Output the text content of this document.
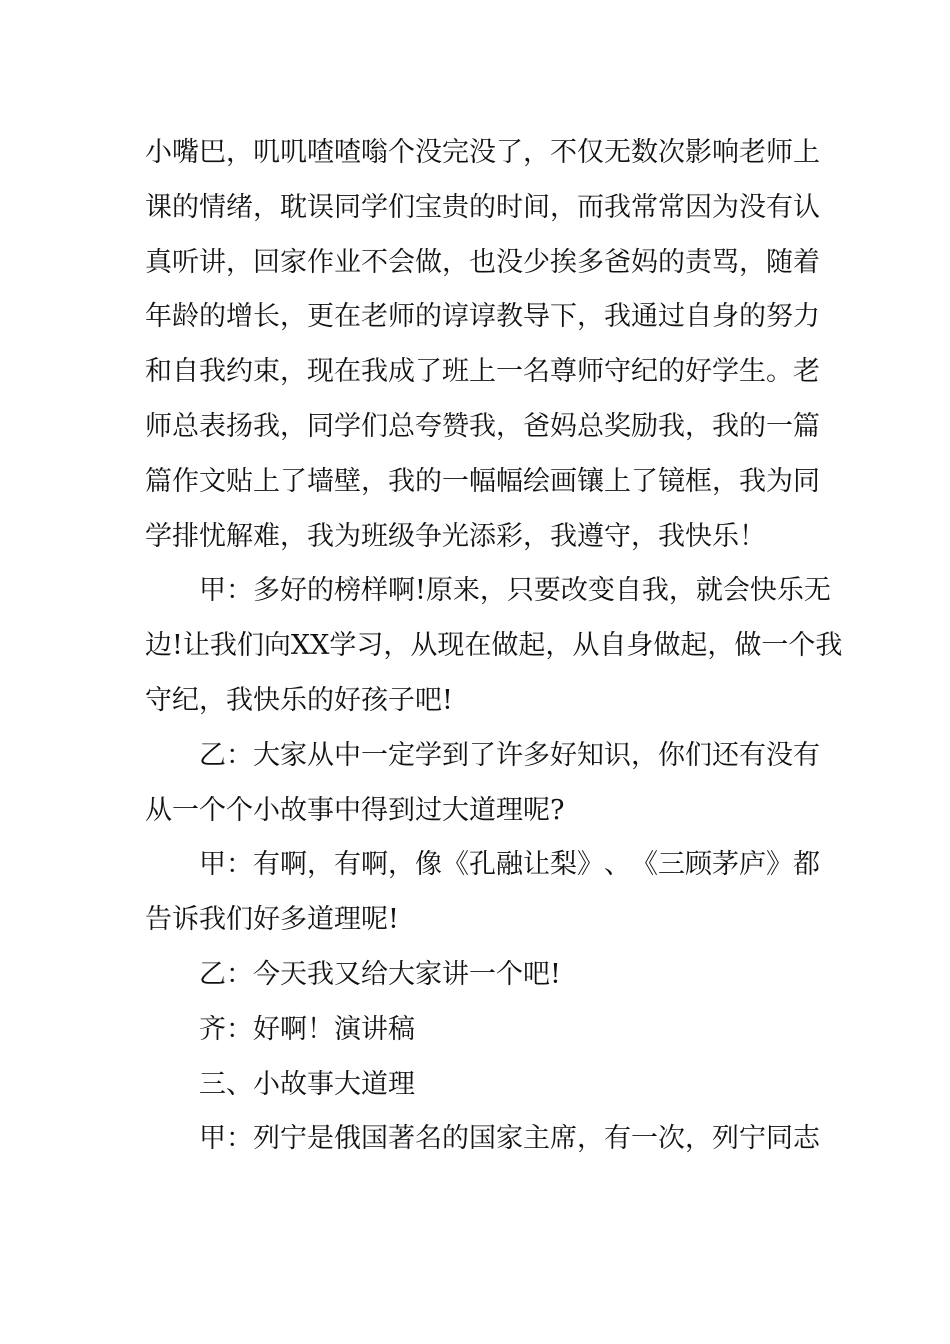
小 嘴 巴 ， 叽 叽 喳 喳 嗡 个 没 完 没 了 ， 不 仅 无 数 次 影 响 老 师 上
课 的 情 绪 ， 耽 误 同 学 们 宝 贵 的 时 间 ， 而 我 常 常 因 为 没 有 认
真 听 讲 ， 回 家 作 业 不 会 做 ， 也 没 少 挨 多 爸 妈 的 责 骂 ， 随 着
年 龄 的 增 长 ， 更 在 老 师 的 谆 谆 教 导 下 ， 我 通 过 自 身 的 努 力
和 自 我 约 束 ， 现 在 我 成 了 班 上 一 名 尊 师 守 纪 的 好 学 生 。 老
师 总 表 扬 我 ， 同 学 们 总 夸 赞 我 ， 爸 妈 总 奖 励 我 ， 我 的 一 篇
篇 作 文 贴 上 了 墙 壁 ， 我 的 一 幅 幅 绘 画 镶 上 了 镜 框 ， 我 为 同
学排忧解难，我为班级争光添彩，我遵守，我快乐！
甲 ： 多 好 的 榜 样 啊 ! 原 来 ， 只 要 改 变 自 我 ， 就 会 快 乐 无
边 ! 让 我 们 向 X X 学 习 ， 从 现 在 做 起 ， 从 自 身 做 起 ， 做 一 个 我
守纪，我快乐的好孩子吧!
乙 ： 大 家 从 中 一 定 学 到 了 许 多 好 知 识 ， 你 们 还 有 没 有
从一个个小故事中得到过大道理呢?
甲 ： 有 啊 ， 有 啊 ， 像 《 孔 融 让 梨 》 、 《 三 顾 茅 庐 》 都
告诉我们好多道理呢!
乙：今天我又给大家讲一个吧!
齐：好啊！演讲稿
三、小故事大道理
甲 ： 列 宁 是 俄 国 著 名 的 国 家 主 席 ， 有 一 次 ， 列 宁 同 志
